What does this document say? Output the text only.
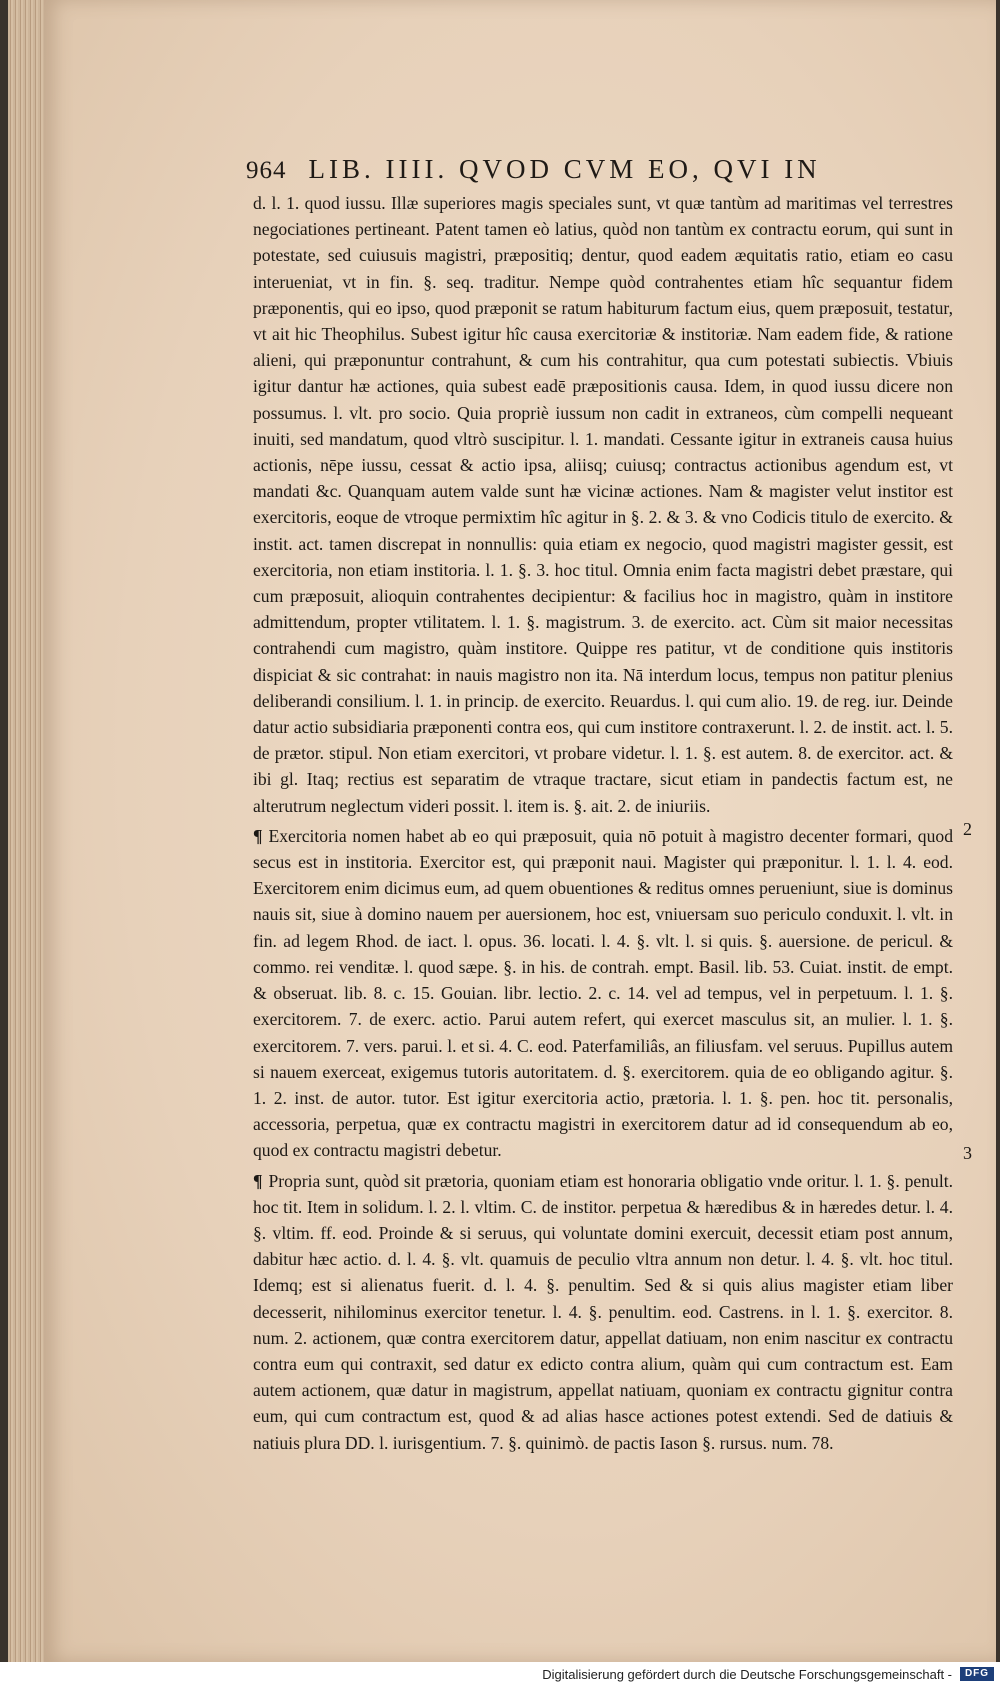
964 LIB. IIII. QVOD CVM EO, QVI IN

d. l. 1. quod iussu. Illæ superiores magis speciales sunt, vt quæ tantùm ad maritimas vel terrestres negociationes pertineant. Patent tamen eò latius, quòd non tantùm ex contractu eorum, qui sunt in potestate, sed cuiusuis magistri, præpositiq; dentur, quod eadem æquitatis ratio, etiam eo casu interueniat, vt in fin. §. seq. traditur. Nempe quòd contrahentes etiam hîc sequantur fidem præponentis, qui eo ipso, quod præponit se ratum habiturum factum eius, quem præposuit, testatur, vt ait hic Theophilus. Subest igitur hîc causa exercitoriæ & institoriæ. Nam eadem fide, & ratione alieni, qui præponuntur contrahunt, & cum his contrahitur, qua cum potestati subiectis. Vbiuis igitur dantur hæ actiones, quia subest eadē præpositionis causa. Idem, in quod iussu dicere non possumus. l. vlt. pro socio. Quia propriè iussum non cadit in extraneos, cùm compelli nequeant inuiti, sed mandatum, quod vltrò suscipitur. l. 1. mandati. Cessante igitur in extraneis causa huius actionis, nēpe iussu, cessat & actio ipsa, aliisq; cuiusq; contractus actionibus agendum est, vt mandati &c. Quanquam autem valde sunt hæ vicinæ actiones. Nam & magister velut institor est exercitoris, eoque de vtroque permixtim hîc agitur in §. 2. & 3. & vno Codicis titulo de exercito. & instit. act. tamen discrepat in nonnullis: quia etiam ex negocio, quod magistri magister gessit, est exercitoria, non etiam institoria. l. 1. §. 3. hoc titul. Omnia enim facta magistri debet præstare, qui cum præposuit, alioquin contrahentes decipientur: & facilius hoc in magistro, quàm in institore admittendum, propter vtilitatem. l. 1. §. magistrum. 3. de exercito. act. Cùm sit maior necessitas contrahendi cum magistro, quàm institore. Quippe res patitur, vt de conditione quis institoris dispiciat & sic contrahat: in nauis magistro non ita. Nā interdum locus, tempus non patitur plenius deliberandi consilium. l. 1. in princip. de exercito. Reuardus. l. qui cum alio. 19. de reg. iur. Deinde datur actio subsidiaria præponenti contra eos, qui cum institore contraxerunt. l. 2. de instit. act. l. 5. de prætor. stipul. Non etiam exercitori, vt probare videtur. l. 1. §. est autem. 8. de exercitor. act. & ibi gl. Itaq; rectius est separatim de vtraque tractare, sicut etiam in pandectis factum est, ne alterutrum neglectum videri possit. l. item is. §. ait. 2. de iniuriis.

¶ Exercitoria nomen habet ab eo qui præposuit, quia nō potuit à magistro decenter formari, quod secus est in institoria. Exercitor est, qui præponit naui. Magister qui præponitur. l. 1. l. 4. eod. Exercitorem enim dicimus eum, ad quem obuentiones & reditus omnes perueniunt, siue is dominus nauis sit, siue à domino nauem per auersionem, hoc est, vniuersam suo periculo conduxit. l. vlt. in fin. ad legem Rhod. de iact. l. opus. 36. locati. l. 4. §. vlt. l. si quis. §. auersione. de pericul. & commo. rei venditæ. l. quod sæpe. §. in his. de contrah. empt. Basil. lib. 53. Cuiat. instit. de empt. & obseruat. lib. 8. c. 15. Gouian. libr. lectio. 2. c. 14. vel ad tempus, vel in perpetuum. l. 1. §. exercitorem. 7. de exerc. actio. Parui autem refert, qui exercet masculus sit, an mulier. l. 1. §. exercitorem. 7. vers. parui. l. et si. 4. C. eod. Paterfamiliâs, an filiusfam. vel seruus. Pupillus autem si nauem exerceat, exigemus tutoris autoritatem. d. §. exercitorem. quia de eo obligando agitur. §. 1. 2. inst. de autor. tutor. Est igitur exercitoria actio, prætoria. l. 1. §. pen. hoc tit. personalis, accessoria, perpetua, quæ ex contractu magistri in exercitorem datur ad id consequendum ab eo, quod ex contractu magistri debetur.

¶ Propria sunt, quòd sit prætoria, quoniam etiam est honoraria obligatio vnde oritur. l. 1. §. penult. hoc tit. Item in solidum. l. 2. l. vltim. C. de institor. perpetua & hæredibus & in hæredes detur. l. 4. §. vltim. ff. eod. Proinde & si seruus, qui voluntate domini exercuit, decessit etiam post annum, dabitur hæc actio. d. l. 4. §. vlt. quamuis de peculio vltra annum non detur. l. 4. §. vlt. hoc titul. Idemq; est si alienatus fuerit. d. l. 4. §. penultim. Sed & si quis alius magister etiam liber decesserit, nihilominus exercitor tenetur. l. 4. §. penultim. eod. Castrens. in l. 1. §. exercitor. 8. num. 2. actionem, quæ contra exercitorem datur, appellat datiuam, non enim nascitur ex contractu contra eum qui contraxit, sed datur ex edicto contra alium, quàm qui cum contractum est. Eam autem actionem, quæ datur in magistrum, appellat natiuam, quoniam ex contractu gignitur contra eum, qui cum contractum est, quod & ad alias hasce actiones potest extendi. Sed de datiuis & natiuis plura DD. l. iurisgentium. 7. §. quinimò. de pactis Iason §. rursus. num. 78.

2
3
Digitalisierung gefördert durch die Deutsche Forschungsgemeinschaft -	DFG
